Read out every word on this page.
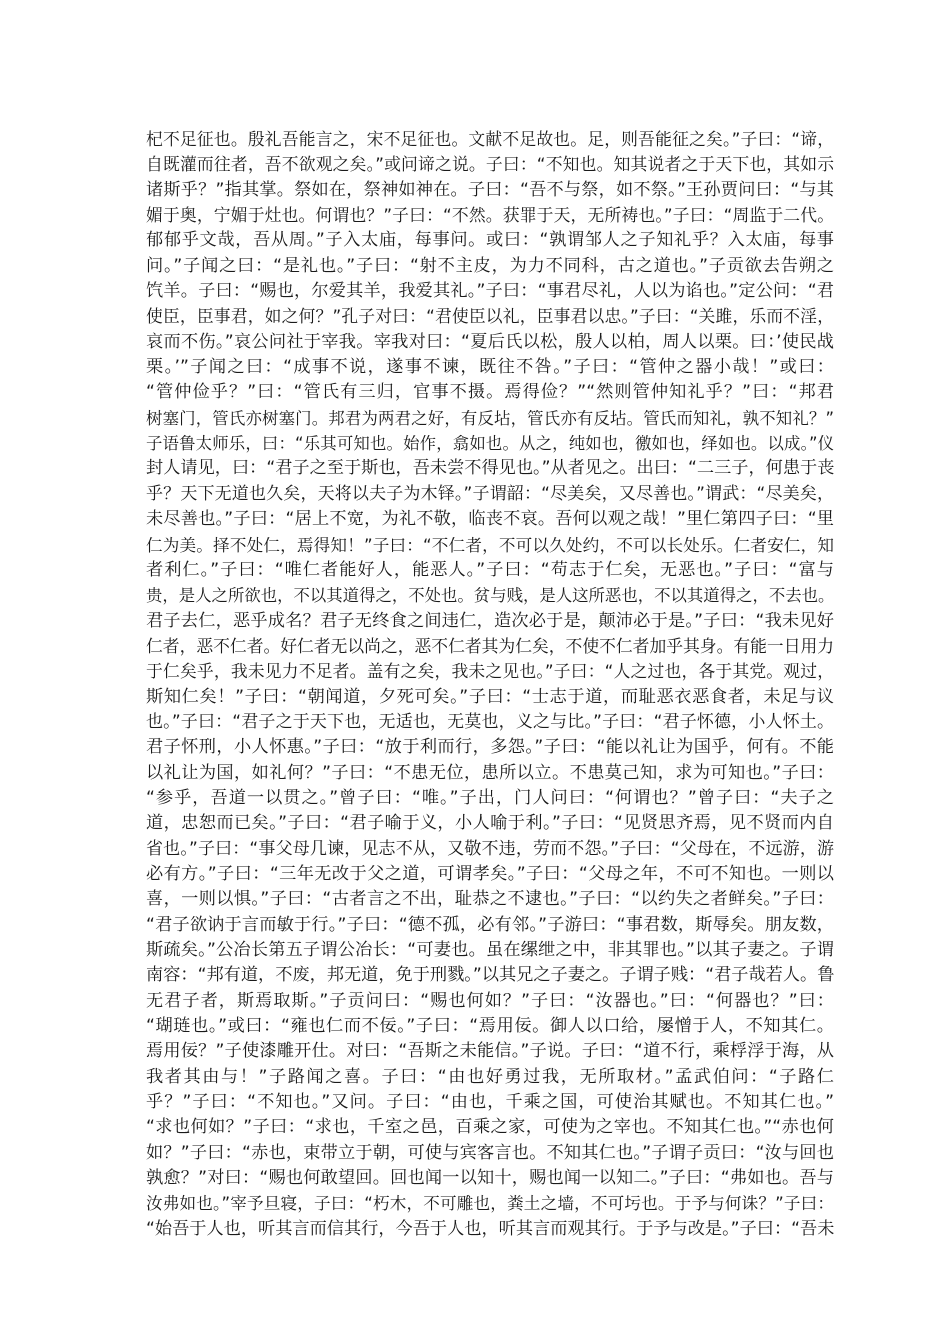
杞不足征也。殷礼吾能言之，宋不足征也。文献不足故也。足，则吾能征之矣。”子曰：“谛，
自既灌而往者，吾不欲观之矣。”或问谛之说。子曰：“不知也。知其说者之于天下也，其如示
诸斯乎？”指其掌。祭如在，祭神如神在。子曰：“吾不与祭，如不祭。”王孙贾问曰：“与其
媚于奥，宁媚于灶也。何谓也？”子曰：“不然。获罪于天，无所祷也。”子曰：“周监于二代。
郁郁乎文哉，吾从周。”子入太庙，每事问。或曰：“孰谓邹人之子知礼乎？入太庙，每事
问。”子闻之曰：“是礼也。”子曰：“射不主皮，为力不同科，古之道也。”子贡欲去告朔之
饩羊。子曰：“赐也，尔爱其羊，我爱其礼。”子曰：“事君尽礼，人以为谄也。”定公问：“君
使臣，臣事君，如之何？”孔子对曰：“君使臣以礼，臣事君以忠。”子曰：“关雎，乐而不淫，
哀而不伤。”哀公问社于宰我。宰我对曰：“夏后氏以松，殷人以柏，周人以栗。曰：’使民战
栗。’”子闻之曰：“成事不说，遂事不谏，既往不咎。”子曰：“管仲之器小哉！”或曰：
“管仲俭乎？”曰：“管氏有三归，官事不摄。焉得俭？”“然则管仲知礼乎？”曰：“邦君
树塞门，管氏亦树塞门。邦君为两君之好，有反坫，管氏亦有反坫。管氏而知礼，孰不知礼？”
子语鲁太师乐，曰：“乐其可知也。始作，翕如也。从之，纯如也，徼如也，绎如也。以成。”仪
封人请见，曰：“君子之至于斯也，吾未尝不得见也。”从者见之。出曰：“二三子，何患于丧
乎？天下无道也久矣，天将以夫子为木铎。”子谓韶：“尽美矣，又尽善也。”谓武：“尽美矣，
未尽善也。”子曰：“居上不宽，为礼不敬，临丧不哀。吾何以观之哉！”里仁第四子曰：“里
仁为美。择不处仁，焉得知！”子曰：“不仁者，不可以久处约，不可以长处乐。仁者安仁，知
者利仁。”子曰：“唯仁者能好人，能恶人。”子曰：“苟志于仁矣，无恶也。”子曰：“富与
贵，是人之所欲也，不以其道得之，不处也。贫与贱，是人这所恶也，不以其道得之，不去也。
君子去仁，恶乎成名？君子无终食之间违仁，造次必于是，颠沛必于是。”子曰：“我未见好
仁者，恶不仁者。好仁者无以尚之，恶不仁者其为仁矣，不使不仁者加乎其身。有能一日用力
于仁矣乎，我未见力不足者。盖有之矣，我未之见也。”子曰：“人之过也，各于其党。观过，
斯知仁矣！”子曰：“朝闻道，夕死可矣。”子曰：“士志于道，而耻恶衣恶食者，未足与议
也。”子曰：“君子之于天下也，无适也，无莫也，义之与比。”子曰：“君子怀德，小人怀土。
君子怀刑，小人怀惠。”子曰：“放于利而行，多怨。”子曰：“能以礼让为国乎，何有。不能
以礼让为国，如礼何？”子曰：“不患无位，患所以立。不患莫己知，求为可知也。”子曰：
“参乎，吾道一以贯之。”曾子曰：“唯。”子出，门人问曰：“何谓也？”曾子曰：“夫子之
道，忠恕而已矣。”子曰：“君子喻于义，小人喻于利。”子曰：“见贤思齐焉，见不贤而内自
省也。”子曰：“事父母几谏，见志不从，又敬不违，劳而不怨。”子曰：“父母在，不远游，游
必有方。”子曰：“三年无改于父之道，可谓孝矣。”子曰：“父母之年，不可不知也。一则以
喜，一则以惧。”子曰：“古者言之不出，耻恭之不逮也。”子曰：“以约失之者鲜矣。”子曰：
“君子欲讷于言而敏于行。”子曰：“德不孤，必有邻。”子游曰：“事君数，斯辱矣。朋友数，
斯疏矣。”公冶长第五子谓公冶长：“可妻也。虽在缧绁之中，非其罪也。”以其子妻之。子谓
南容：“邦有道，不废，邦无道，免于刑戮。”以其兄之子妻之。子谓子贱：“君子哉若人。鲁
无君子者，斯焉取斯。”子贡问曰：“赐也何如？”子曰：“汝器也。”曰：“何器也？”曰：
“瑚琏也。”或曰：“雍也仁而不佞。”子曰：“焉用佞。御人以口给，屡憎于人，不知其仁。
焉用佞？”子使漆雕开仕。对曰：“吾斯之未能信。”子说。子曰：“道不行，乘桴浮于海，从
我者其由与！”子路闻之喜。子曰：“由也好勇过我，无所取材。”孟武伯问：“子路仁
乎？”子曰：“不知也。”又问。子曰：“由也，千乘之国，可使治其赋也。不知其仁也。”
“求也何如？”子曰：“求也，千室之邑，百乘之家，可使为之宰也。不知其仁也。”“赤也何
如？”子曰：“赤也，束带立于朝，可使与宾客言也。不知其仁也。”子谓子贡曰：“汝与回也
孰愈？”对曰：“赐也何敢望回。回也闻一以知十，赐也闻一以知二。”子曰：“弗如也。吾与
汝弗如也。”宰予旦寝，子曰：“朽木，不可雕也，粪土之墙，不可圬也。于予与何诛？”子曰：
“始吾于人也，听其言而信其行，今吾于人也，听其言而观其行。于予与改是。”子曰：“吾未
